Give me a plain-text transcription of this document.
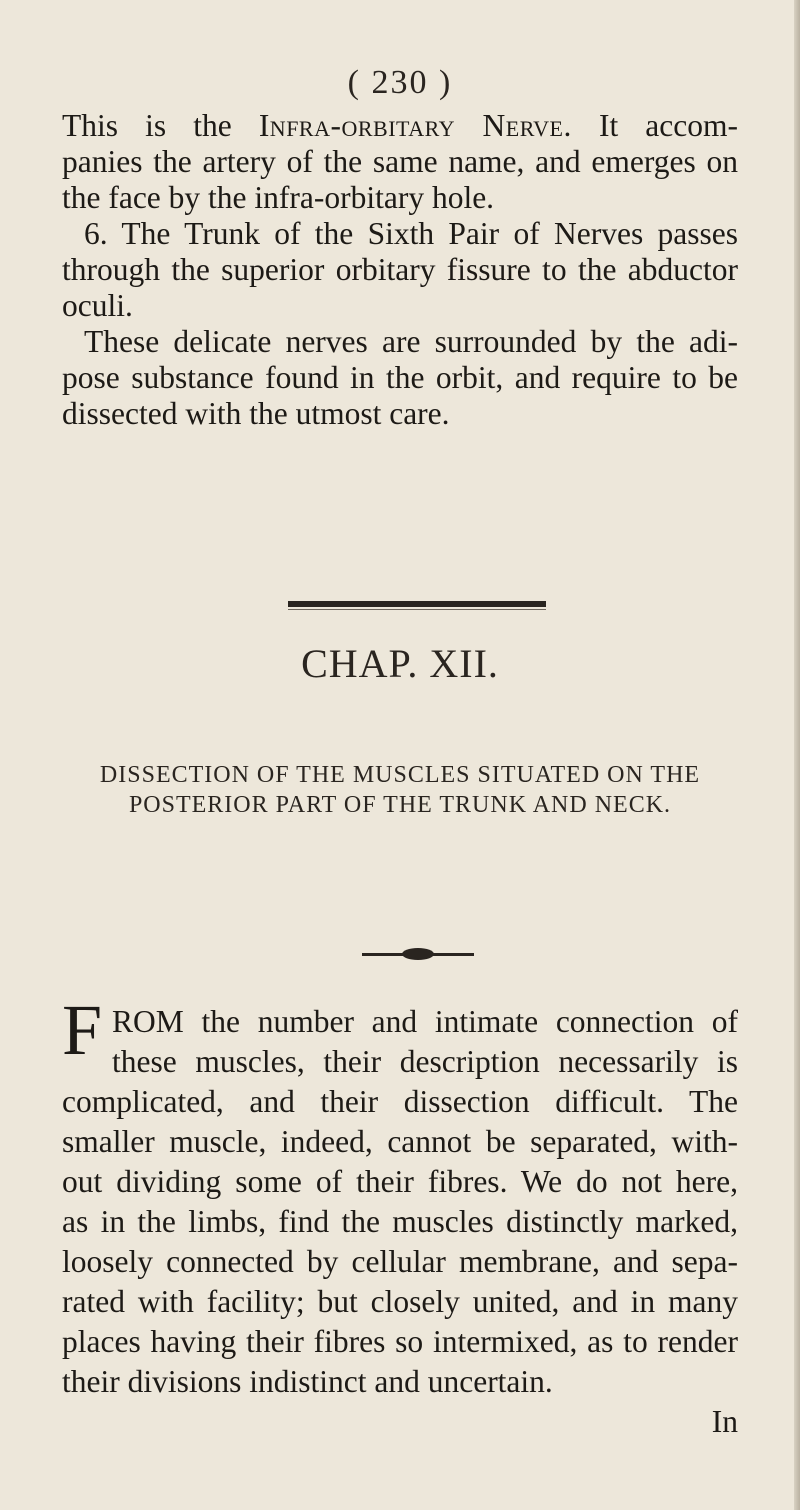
( 230 )
This is the Infra-orbitary Nerve. It accom-
panies the artery of the same name, and emerges on
the face by the infra-orbitary hole.
6. The Trunk of the Sixth Pair of Nerves passes
through the superior orbitary fissure to the abductor
oculi.
These delicate nerves are surrounded by the adi-
pose substance found in the orbit, and require to be
dissected with the utmost care.
CHAP. XII.
DISSECTION OF THE MUSCLES SITUATED ON THE
POSTERIOR PART OF THE TRUNK AND NECK.
F ROM the number and intimate connection of
these muscles, their description necessarily is
complicated, and their dissection difficult. The
smaller muscle, indeed, cannot be separated, with-
out dividing some of their fibres. We do not here,
as in the limbs, find the muscles distinctly marked,
loosely connected by cellular membrane, and sepa-
rated with facility; but closely united, and in many
places having their fibres so intermixed, as to render
their divisions indistinct and uncertain.
In
